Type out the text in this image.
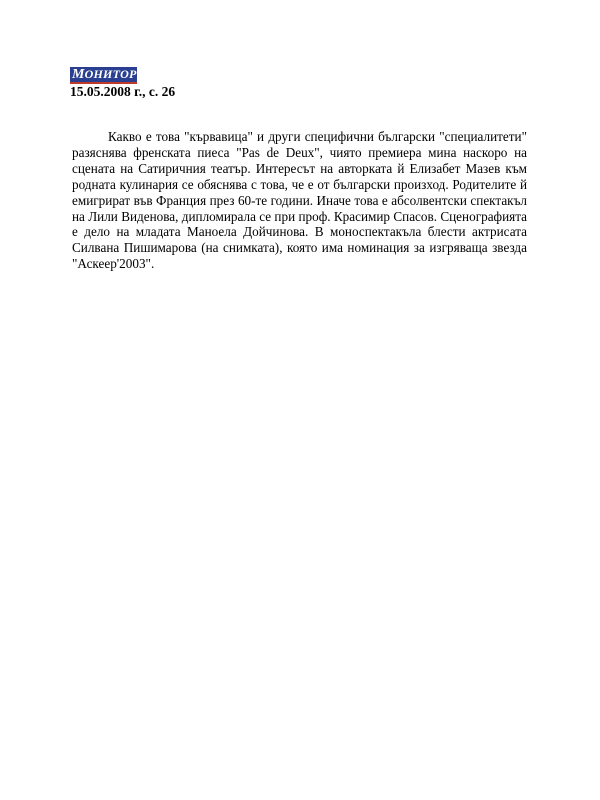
МОНИТОР
15.05.2008 г., с. 26

Какво е това "кървавица" и други специфични български "специалитети" разяснява френската пиеса "Pas de Deux", чиято премиера мина наскоро на сцената на Сатиричния театър. Интересът на авторката й Елизабет Мазев към родната кулинария се обяснява с това, че е от български произход. Родителите й емигрират във Франция през 60-те години. Иначе това е абсолвентски спектакъл на Лили Виденова, дипломирала се при проф. Красимир Спасов. Сценографията е дело на младата Маноела Дойчинова. В моноспектакъла блести актрисата Силвана Пишимарова (на снимката), която има номинация за изгряваща звезда "Аскеер'2003".
